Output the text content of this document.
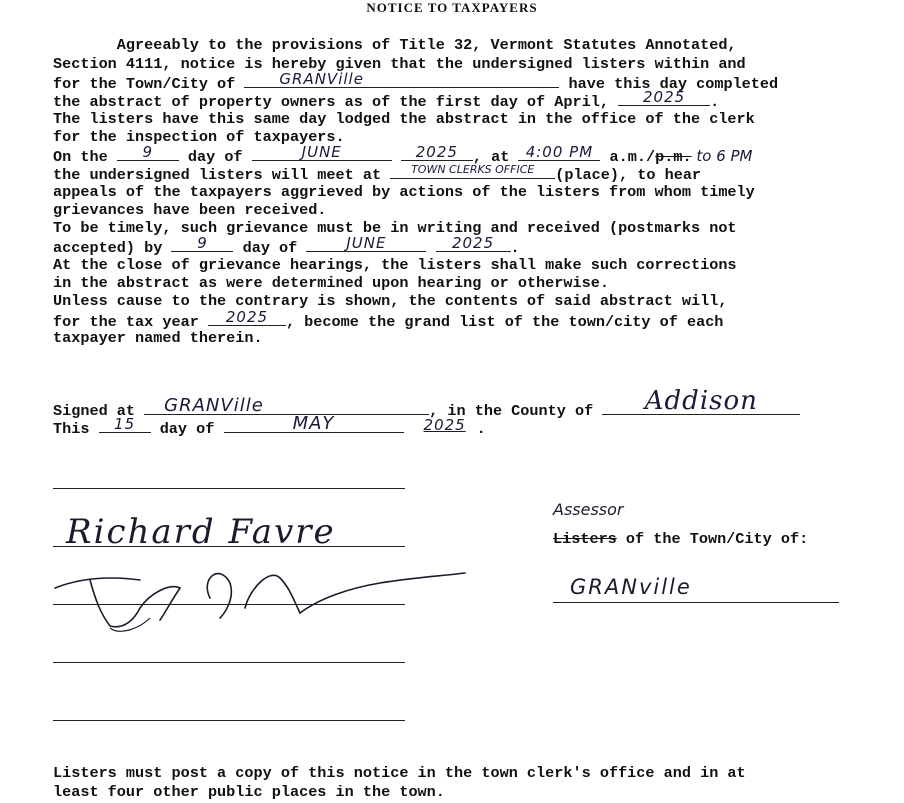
NOTICE TO TAXPAYERS
Agreeably to the provisions of Title 32, Vermont Statutes Annotated,
Section 4111, notice is hereby given that the undersigned listers within and
for the Town/City of	GRANVille	have this day completed
the abstract of property owners as of the first day of April,	2025	.
The listers have this same day lodged the abstract in the office of the clerk
for the inspection of taxpayers.
On the	9	day of	JUNE
	2025 , at 4:00 PM a.m./p.m. to 6 PM
the undersigned listers will meet at	TOWN CLERKS OFFICE	(place), to hear
appeals of the taxpayers aggrieved by actions of the listers from whom timely
grievances have been received.
To be timely, such grievance must be in writing and received (postmarks not
accepted) by	9	day of	JUNE
	2025	.
At the close of grievance hearings, the listers shall make such corrections
in the abstract as were determined upon hearing or otherwise.
Unless cause to the contrary is shown, the contents of said abstract will,
for the tax year	2025	, become the grand list of the town/city of each
taxpayer named therein.
Signed at	GRANVille	, in the County of	Addison
This	15	day of	MAY
	2025 .
Richard Favre
Assessor
Listers of the Town/City of:
GRANville
Listers must post a copy of this notice in the town clerk's office and in at
least four other public places in the town.
